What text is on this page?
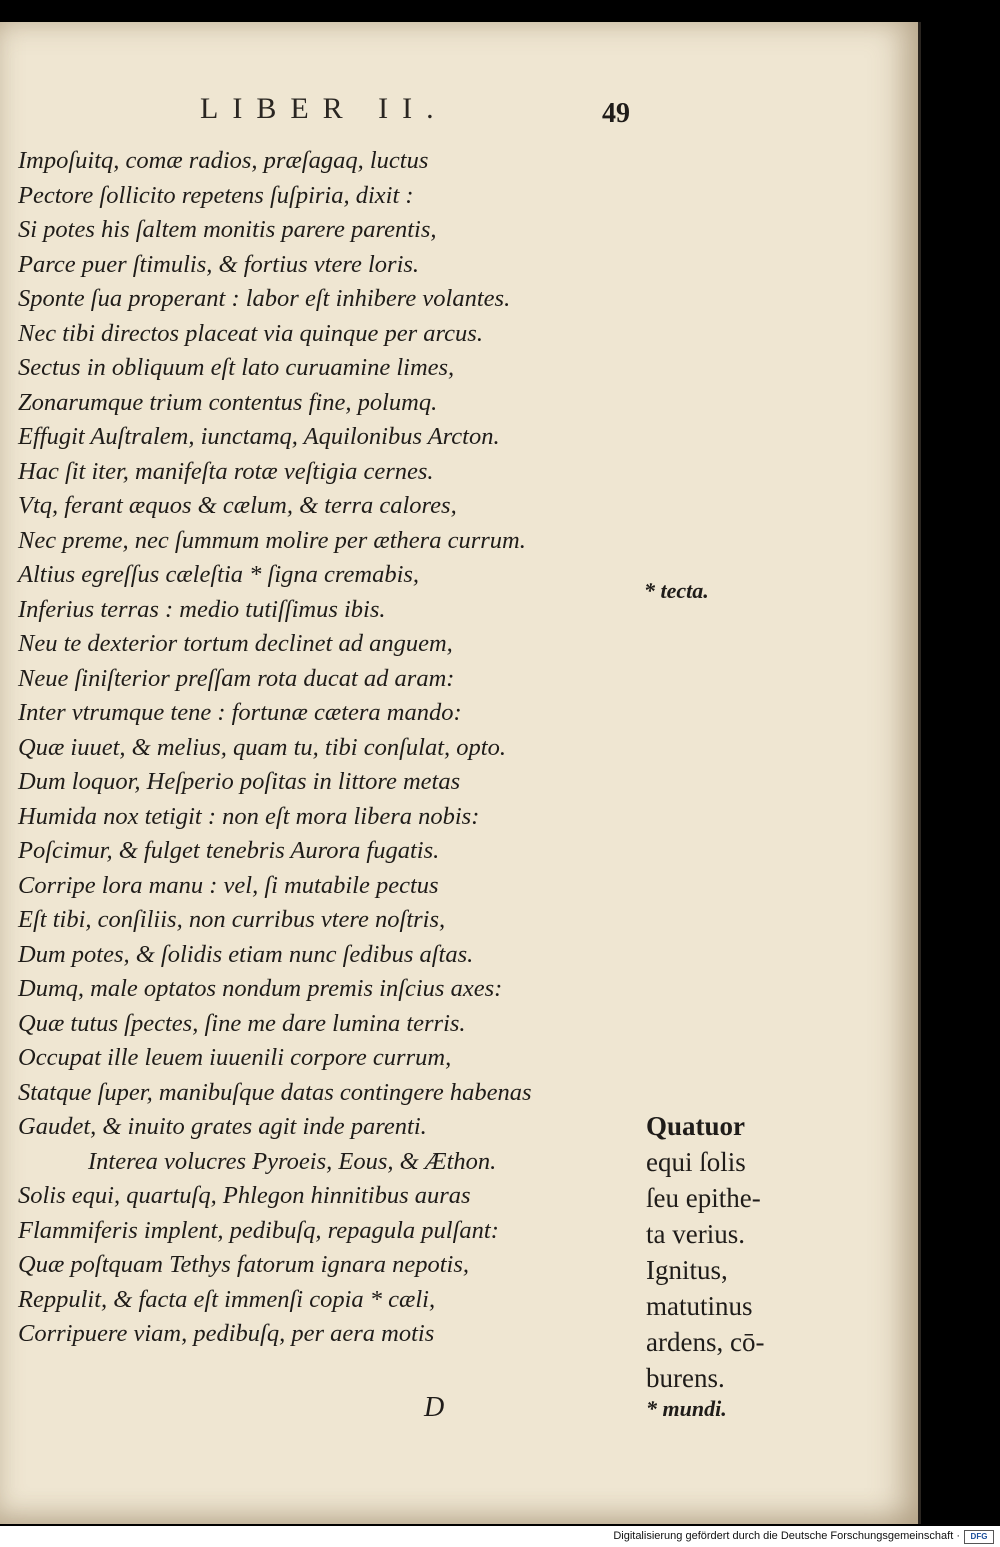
LIBER II.	49
Impoſuitq, comæ radios, præſagaq, luctus
Pectore ſollicito repetens ſuſpiria, dixit :
Si potes his ſaltem monitis parere parentis,
Parce puer ſtimulis, & fortius vtere loris.
Sponte ſua properant : labor eſt inhibere volantes.
Nec tibi directos placeat via quinque per arcus.
Sectus in obliquum eſt lato curuamine limes,
Zonarumque trium contentus fine, polumq.
Effugit Auſtralem, iunctamq, Aquilonibus Arcton.
Hac ſit iter, manifeſta rotæ veſtigia cernes.
Vtq, ferant æquos & cælum, & terra calores,
Nec preme, nec ſummum molire per æthera currum.
Altius egreſſus cæleſtia * ſigna cremabis,
Inferius terras : medio tutiſſimus ibis.
Neu te dexterior tortum declinet ad anguem,
Neue ſiniſterior preſſam rota ducat ad aram:
Inter vtrumque tene : fortunæ cætera mando:
Quæ iuuet, & melius, quam tu, tibi conſulat, opto.
Dum loquor, Heſperio poſitas in littore metas
Humida nox tetigit : non eſt mora libera nobis:
Poſcimur, & fulget tenebris Aurora fugatis.
Corripe lora manu : vel, ſi mutabile pectus
Eſt tibi, conſiliis, non curribus vtere noſtris,
Dum potes, & ſolidis etiam nunc ſedibus aſtas.
Dumq, male optatos nondum premis inſcius axes:
Quæ tutus ſpectes, ſine me dare lumina terris.
Occupat ille leuem iuuenili corpore currum,
Statque ſuper, manibuſque datas contingere habenas
Gaudet, & inuito grates agit inde parenti.
Interea volucres Pyroeis, Eous, & Æthon.
Solis equi, quartuſq, Phlegon hinnitibus auras
Flammiferis implent, pedibuſq, repagula pulſant:
Quæ poſtquam Tethys fatorum ignara nepotis,
Reppulit, & facta eſt immenſi copia * cæli,
Corripuere viam, pedibuſq, per aera motis
* tecta.
Quatuor
equi ſolis
ſeu epithe-
ta verius.
Ignitus,
matutinus
ardens, cō-
burens.
* mundi.
D
Digitalisierung gefördert durch die Deutsche Forschungsgemeinschaft ·	DFG
